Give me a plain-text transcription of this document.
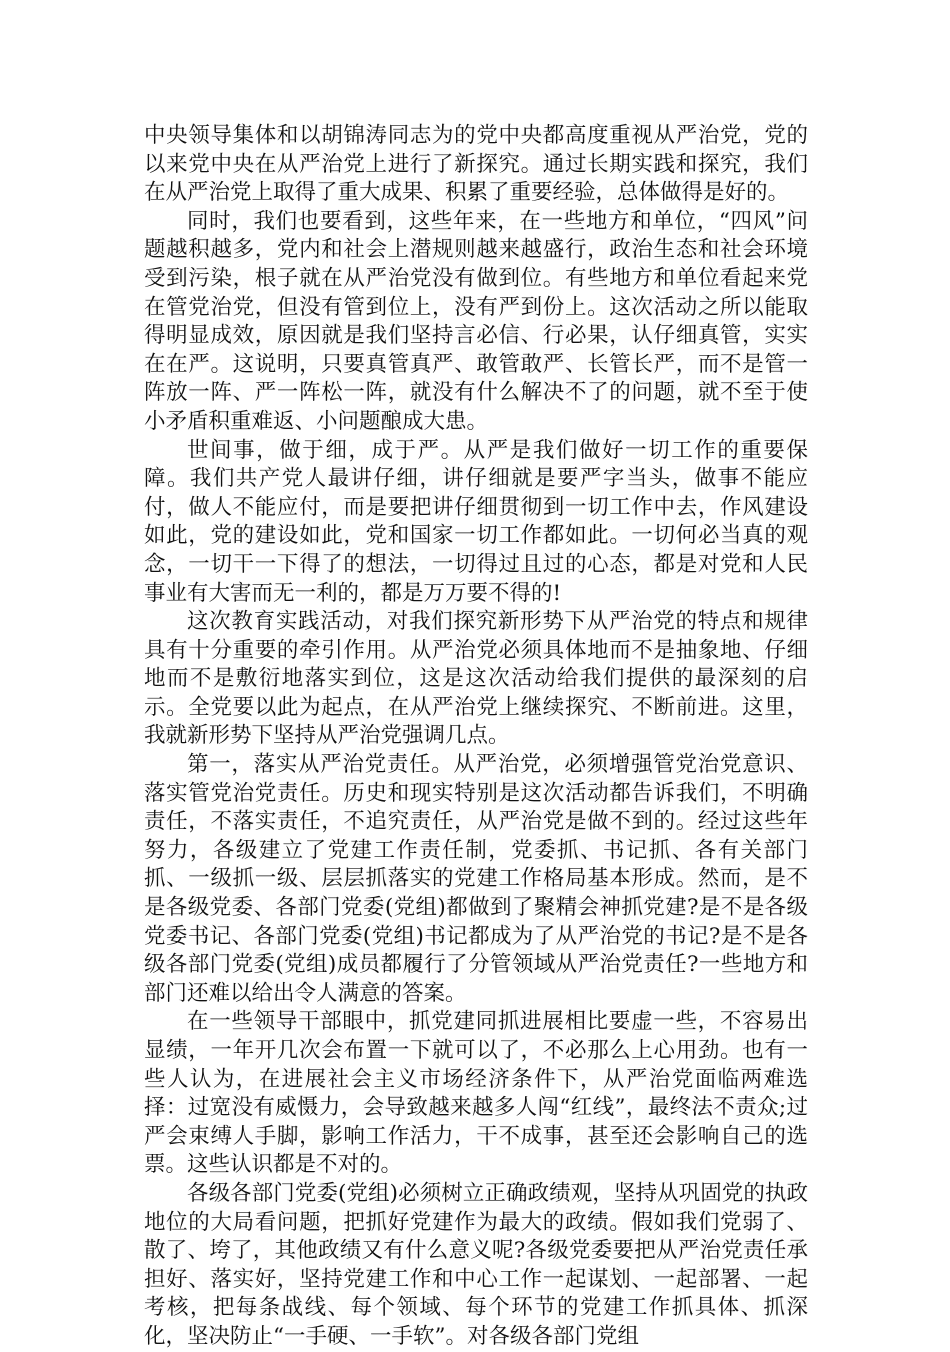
中央领导集体和以胡锦涛同志为的党中央都高度重视从严治党，党的以来党中央在从严治党上进行了新探究。通过长期实践和探究，我们在从严治党上取得了重大成果、积累了重要经验，总体做得是好的。

同时，我们也要看到，这些年来，在一些地方和单位，“四风”问题越积越多，党内和社会上潜规则越来越盛行，政治生态和社会环境受到污染，根子就在从严治党没有做到位。有些地方和单位看起来党在管党治党，但没有管到位上，没有严到份上。这次活动之所以能取得明显成效，原因就是我们坚持言必信、行必果，认仔细真管，实实在在严。这说明，只要真管真严、敢管敢严、长管长严，而不是管一阵放一阵、严一阵松一阵，就没有什么解决不了的问题，就不至于使小矛盾积重难返、小问题酿成大患。

世间事，做于细，成于严。从严是我们做好一切工作的重要保障。我们共产党人最讲仔细，讲仔细就是要严字当头，做事不能应付，做人不能应付，而是要把讲仔细贯彻到一切工作中去，作风建设如此，党的建设如此，党和国家一切工作都如此。一切何必当真的观念，一切干一下得了的想法，一切得过且过的心态，都是对党和人民事业有大害而无一利的，都是万万要不得的!

这次教育实践活动，对我们探究新形势下从严治党的特点和规律具有十分重要的牵引作用。从严治党必须具体地而不是抽象地、仔细地而不是敷衍地落实到位，这是这次活动给我们提供的最深刻的启示。全党要以此为起点，在从严治党上继续探究、不断前进。这里，我就新形势下坚持从严治党强调几点。

第一，落实从严治党责任。从严治党，必须增强管党治党意识、落实管党治党责任。历史和现实特别是这次活动都告诉我们，不明确责任，不落实责任，不追究责任，从严治党是做不到的。经过这些年努力，各级建立了党建工作责任制，党委抓、书记抓、各有关部门抓、一级抓一级、层层抓落实的党建工作格局基本形成。然而，是不是各级党委、各部门党委(党组)都做到了聚精会神抓党建?是不是各级党委书记、各部门党委(党组)书记都成为了从严治党的书记?是不是各级各部门党委(党组)成员都履行了分管领域从严治党责任?一些地方和部门还难以给出令人满意的答案。

在一些领导干部眼中，抓党建同抓进展相比要虚一些，不容易出显绩，一年开几次会布置一下就可以了，不必那么上心用劲。也有一些人认为，在进展社会主义市场经济条件下，从严治党面临两难选择：过宽没有威慑力，会导致越来越多人闯“红线”，最终法不责众;过严会束缚人手脚，影响工作活力，干不成事，甚至还会影响自己的选票。这些认识都是不对的。

各级各部门党委(党组)必须树立正确政绩观，坚持从巩固党的执政地位的大局看问题，把抓好党建作为最大的政绩。假如我们党弱了、散了、垮了，其他政绩又有什么意义呢?各级党委要把从严治党责任承担好、落实好，坚持党建工作和中心工作一起谋划、一起部署、一起考核，把每条战线、每个领域、每个环节的党建工作抓具体、抓深化，坚决防止“一手硬、一手软”。对各级各部门党组
